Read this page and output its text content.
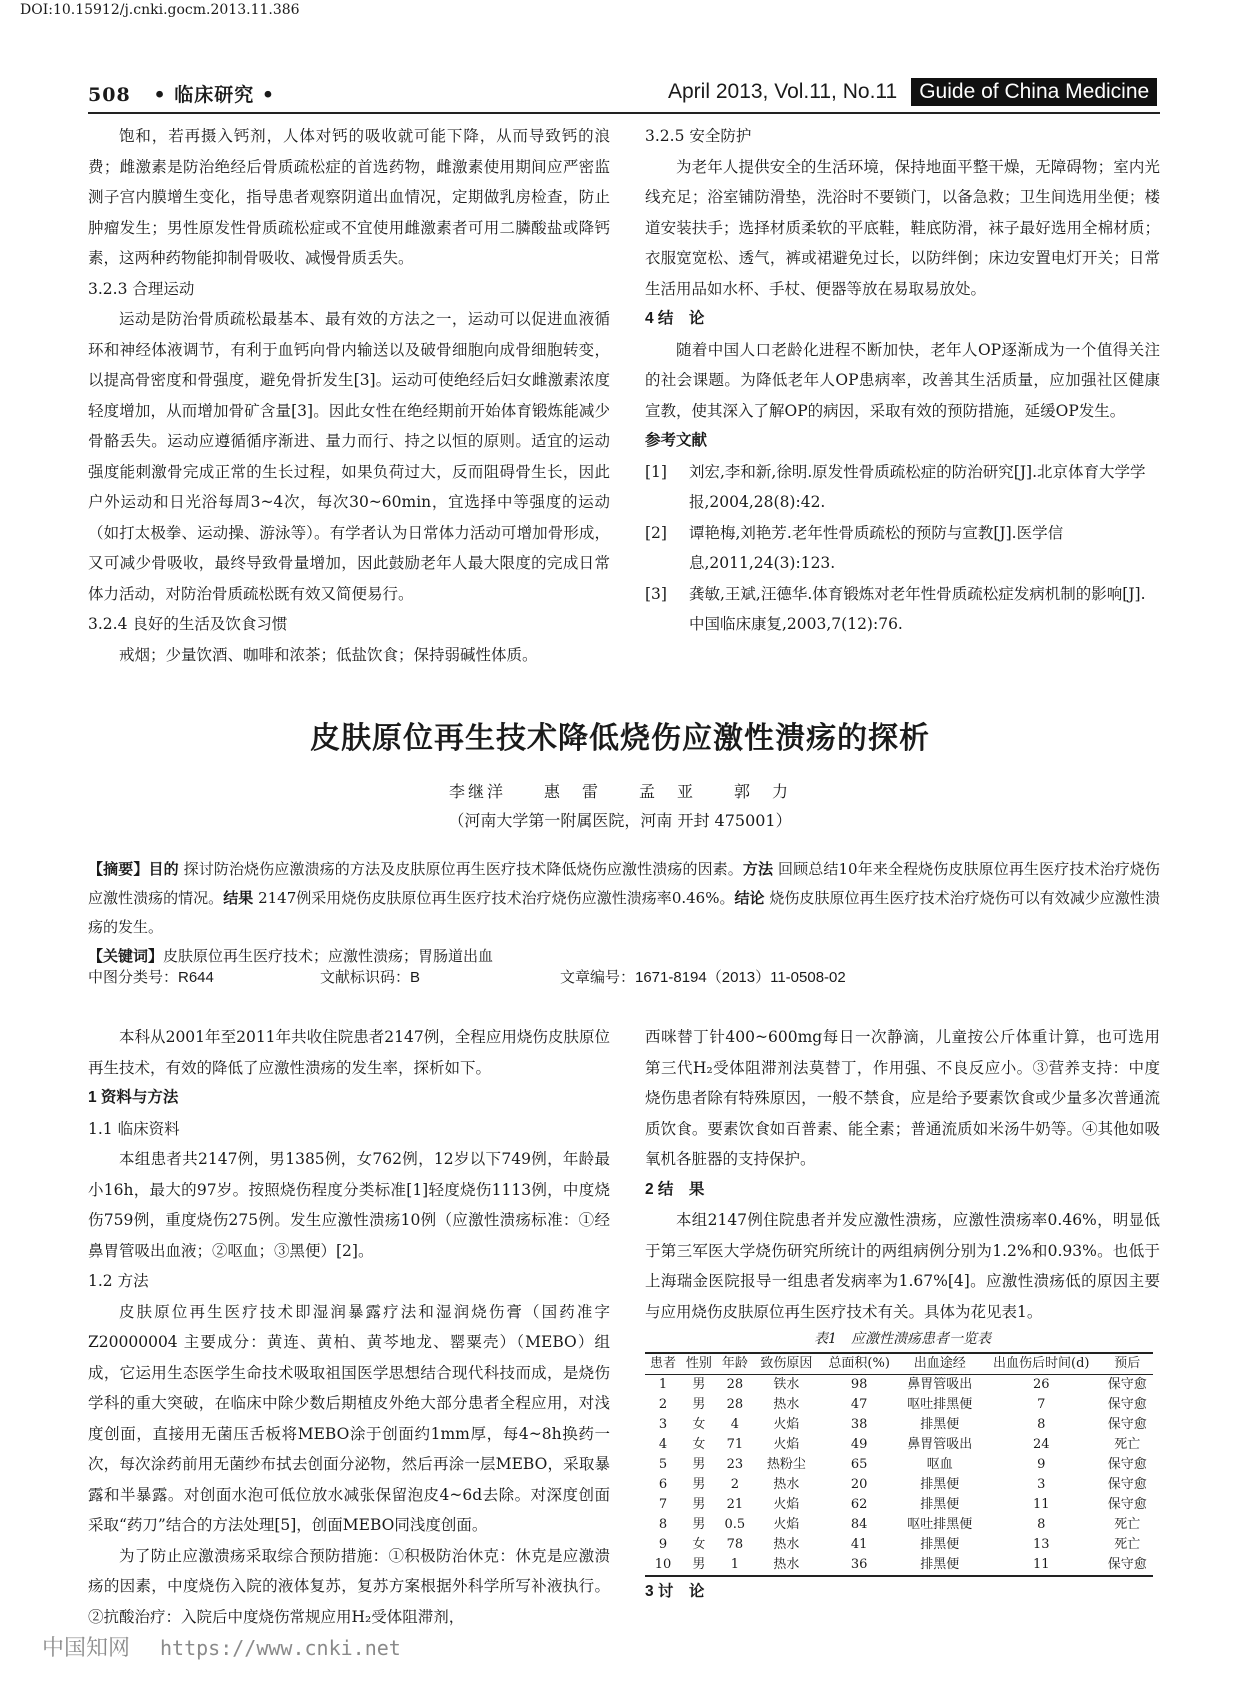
DOI:10.15912/j.cnki.gocm.2013.11.386
508 • 临床研究 •	April 2013, Vol.11, No.11	Guide of China Medicine

饱和，若再摄入钙剂，人体对钙的吸收就可能下降，从而导致钙的浪费；雌激素是防治绝经后骨质疏松症的首选药物，雌激素使用期间应严密监测子宫内膜增生变化，指导患者观察阴道出血情况，定期做乳房检查，防止肿瘤发生；男性原发性骨质疏松症或不宜使用雌激素者可用二膦酸盐或降钙素，这两种药物能抑制骨吸收、减慢骨质丢失。

3.2.3 合理运动

运动是防治骨质疏松最基本、最有效的方法之一，运动可以促进血液循环和神经体液调节，有利于血钙向骨内输送以及破骨细胞向成骨细胞转变，以提高骨密度和骨强度，避免骨折发生[3]。运动可使绝经后妇女雌激素浓度轻度增加，从而增加骨矿含量[3]。因此女性在绝经期前开始体育锻炼能减少骨骼丢失。运动应遵循循序渐进、量力而行、持之以恒的原则。适宜的运动强度能刺激骨完成正常的生长过程，如果负荷过大，反而阻碍骨生长，因此户外运动和日光浴每周3~4次，每次30~60min，宜选择中等强度的运动（如打太极拳、运动操、游泳等）。有学者认为日常体力活动可增加骨形成，又可减少骨吸收，最终导致骨量增加，因此鼓励老年人最大限度的完成日常体力活动，对防治骨质疏松既有效又简便易行。

3.2.4 良好的生活及饮食习惯

戒烟；少量饮酒、咖啡和浓茶；低盐饮食；保持弱碱性体质。

3.2.5 安全防护

为老年人提供安全的生活环境，保持地面平整干燥，无障碍物；室内光线充足；浴室铺防滑垫，洗浴时不要锁门，以备急救；卫生间选用坐便；楼道安装扶手；选择材质柔软的平底鞋，鞋底防滑，袜子最好选用全棉材质；衣服宽宽松、透气，裤或裙避免过长，以防绊倒；床边安置电灯开关；日常生活用品如水杯、手杖、便器等放在易取易放处。

4 结　论

随着中国人口老龄化进程不断加快，老年人OP逐渐成为一个值得关注的社会课题。为降低老年人OP患病率，改善其生活质量，应加强社区健康宣教，使其深入了解OP的病因，采取有效的预防措施，延缓OP发生。

参考文献

[1]	刘宏,李和新,徐明.原发性骨质疏松症的防治研究[J].北京体育大学学报,2004,28(8):42.
[2]	谭艳梅,刘艳芳.老年性骨质疏松的预防与宣教[J].医学信息,2011,24(3):123.
[3]	龚敏,王斌,汪德华.体育锻炼对老年性骨质疏松症发病机制的影响[J].中国临床康复,2003,7(12):76.
皮肤原位再生技术降低烧伤应激性溃疡的探析
李继洋　　惠　雷　　孟　亚　　郭　力
（河南大学第一附属医院，河南 开封 475001）
【摘要】目的 探讨防治烧伤应激溃疡的方法及皮肤原位再生医疗技术降低烧伤应激性溃疡的因素。方法 回顾总结10年来全程烧伤皮肤原位再生医疗技术治疗烧伤应激性溃疡的情况。结果 2147例采用烧伤皮肤原位再生医疗技术治疗烧伤应激性溃疡率0.46%。结论 烧伤皮肤原位再生医疗技术治疗烧伤可以有效减少应激性溃疡的发生。
【关键词】皮肤原位再生医疗技术；应激性溃疡；胃肠道出血
中图分类号：R644	文献标识码：B	文章编号：1671-8194（2013）11-0508-02

本科从2001年至2011年共收住院患者2147例，全程应用烧伤皮肤原位再生技术，有效的降低了应激性溃疡的发生率，探析如下。

1 资料与方法

1.1 临床资料

本组患者共2147例，男1385例，女762例，12岁以下749例，年龄最小16h，最大的97岁。按照烧伤程度分类标准[1]轻度烧伤1113例，中度烧伤759例，重度烧伤275例。发生应激性溃疡10例（应激性溃疡标准：①经鼻胃管吸出血液；②呕血；③黑便）[2]。

1.2 方法

皮肤原位再生医疗技术即湿润暴露疗法和湿润烧伤膏（国药准字Z20000004 主要成分：黄连、黄柏、黄芩地龙、罂粟壳）（MEBO）组成，它运用生态医学生命技术吸取祖国医学思想结合现代科技而成，是烧伤学科的重大突破，在临床中除少数后期植皮外绝大部分患者全程应用，对浅度创面，直接用无菌压舌板将MEBO涂于创面约1mm厚，每4~8h换药一次，每次涂药前用无菌纱布拭去创面分泌物，然后再涂一层MEBO，采取暴露和半暴露。对创面水泡可低位放水减张保留泡皮4~6d去除。对深度创面采取“药刀”结合的方法处理[5]，创面MEBO同浅度创面。

为了防止应激溃疡采取综合预防措施：①积极防治休克：休克是应激溃疡的因素，中度烧伤入院的液体复苏，复苏方案根据外科学所写补液执行。②抗酸治疗：入院后中度烧伤常规应用H₂受体阻滞剂，

西咪替丁针400~600mg每日一次静滴，儿童按公斤体重计算，也可选用第三代H₂受体阻滞剂法莫替丁，作用强、不良反应小。③营养支持：中度烧伤患者除有特殊原因，一般不禁食，应是给予要素饮食或少量多次普通流质饮食。要素饮食如百普素、能全素；普通流质如米汤牛奶等。④其他如吸氧机各脏器的支持保护。

2 结　果

本组2147例住院患者并发应激性溃疡，应激性溃疡率0.46%，明显低于第三军医大学烧伤研究所统计的两组病例分别为1.2%和0.93%。也低于上海瑞金医院报导一组患者发病率为1.67%[4]。应激性溃疡低的原因主要与应用烧伤皮肤原位再生医疗技术有关。具体为花见表1。

表1　应激性溃疡患者一览表
患者	性别	年龄	致伤原因	总面积(%)	出血途经	出血伤后时间(d)	预后
1	男	28	铁水	98	鼻胃管吸出	26	保守愈
2	男	28	热水	47	呕吐排黑便	7	保守愈
3	女	4	火焰	38	排黑便	8	保守愈
4	女	71	火焰	49	鼻胃管吸出	24	死亡
5	男	23	热粉尘	65	呕血	9	保守愈
6	男	2	热水	20	排黑便	3	保守愈
7	男	21	火焰	62	排黑便	11	保守愈
8	男	0.5	火焰	84	呕吐排黑便	8	死亡
9	女	78	热水	41	排黑便	13	死亡
10	男	1	热水	36	排黑便	11	保守愈
3 讨　论
中国知网 https://www.cnki.net
